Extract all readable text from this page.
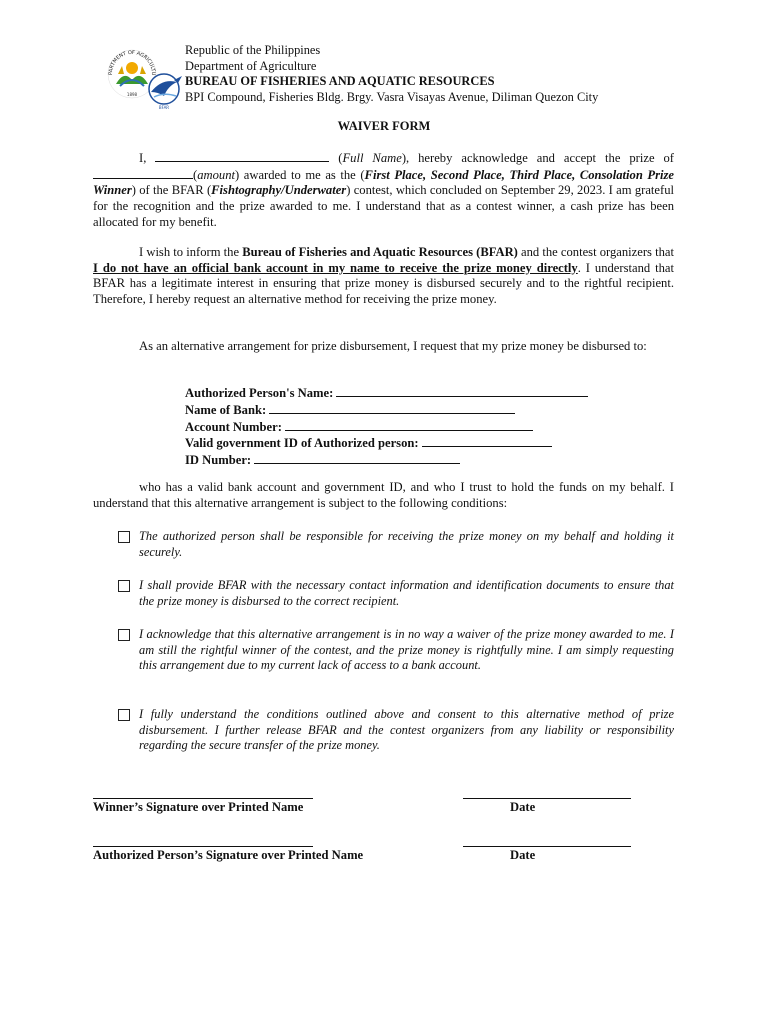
PARTMENT OF AGRICULTU
1898
BFAR
Republic of the Philippines
Department of Agriculture
BUREAU OF FISHERIES AND AQUATIC RESOURCES
BPI Compound, Fisheries Bldg. Brgy. Vasra Visayas Avenue, Diliman Quezon City
WAIVER FORM
I,	(Full Name), hereby acknowledge and accept the prize of (amount) awarded to me as the (First Place, Second Place, Third Place, Consolation Prize Winner) of the BFAR (Fishtography/Underwater) contest, which concluded on September 29, 2023. I am grateful for the recognition and the prize awarded to me. I understand that as a contest winner, a cash prize has been allocated for my benefit.
I wish to inform the Bureau of Fisheries and Aquatic Resources (BFAR) and the contest organizers that I do not have an official bank account in my name to receive the prize money directly. I understand that BFAR has a legitimate interest in ensuring that prize money is disbursed securely and to the rightful recipient. Therefore, I hereby request an alternative method for receiving the prize money.
As an alternative arrangement for prize disbursement, I request that my prize money be disbursed to:
Authorized Person's Name:
Name of Bank:
Account Number:
Valid government ID of Authorized person:
ID Number:
who has a valid bank account and government ID, and who I trust to hold the funds on my behalf. I understand that this alternative arrangement is subject to the following conditions:
The authorized person shall be responsible for receiving the prize money on my behalf and holding it securely.
I shall provide BFAR with the necessary contact information and identification documents to ensure that the prize money is disbursed to the correct recipient.
I acknowledge that this alternative arrangement is in no way a waiver of the prize money awarded to me. I am still the rightful winner of the contest, and the prize money is rightfully mine. I am simply requesting this arrangement due to my current lack of access to a bank account.
I fully understand the conditions outlined above and consent to this alternative method of prize disbursement. I further release BFAR and the contest organizers from any liability or responsibility regarding the secure transfer of the prize money.
Winner’s Signature over Printed Name	Date
Authorized Person’s Signature over Printed Name	Date
